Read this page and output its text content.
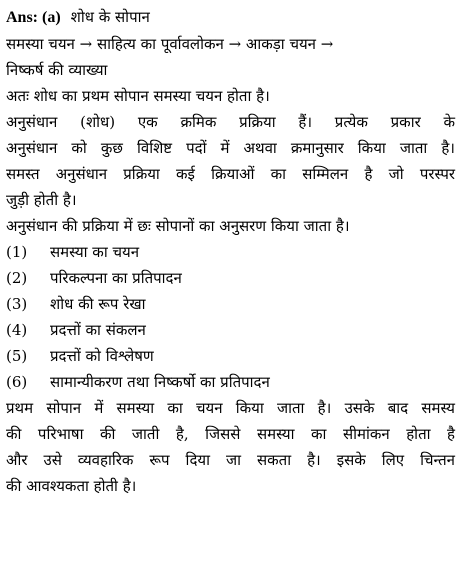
Ans: (a) शोध के सोपान
समस्या चयन → साहित्य का पूर्वावलोकन → आकड़ा चयन →
निष्कर्ष की व्याख्या
अतः शोध का प्रथम सोपान समस्या चयन होता है।
अनुसंधान (शोध) एक क्रमिक प्रक्रिया हैं। प्रत्येक प्रकार के
अनुसंधान को कुछ विशिष्ट पदों में अथवा क्रमानुसार किया जाता है।
समस्त अनुसंधान प्रक्रिया कई क्रियाओं का सम्मिलन है जो परस्पर
जुड़ी होती है।
अनुसंधान की प्रक्रिया में छः सोपानों का अनुसरण किया जाता है।
(1) समस्या का चयन
(2) परिकल्पना का प्रतिपादन
(3) शोध की रूप रेखा
(4) प्रदत्तों का संकलन
(5) प्रदत्तों को विश्लेषण
(6) सामान्यीकरण तथा निष्कर्षो का प्रतिपादन
प्रथम सोपान में समस्या का चयन किया जाता है। उसके बाद समस्य
की परिभाषा की जाती है, जिससे समस्या का सीमांकन होता है
और उसे व्यवहारिक रूप दिया जा सकता है। इसके लिए चिन्तन
की आवश्यकता होती है।
